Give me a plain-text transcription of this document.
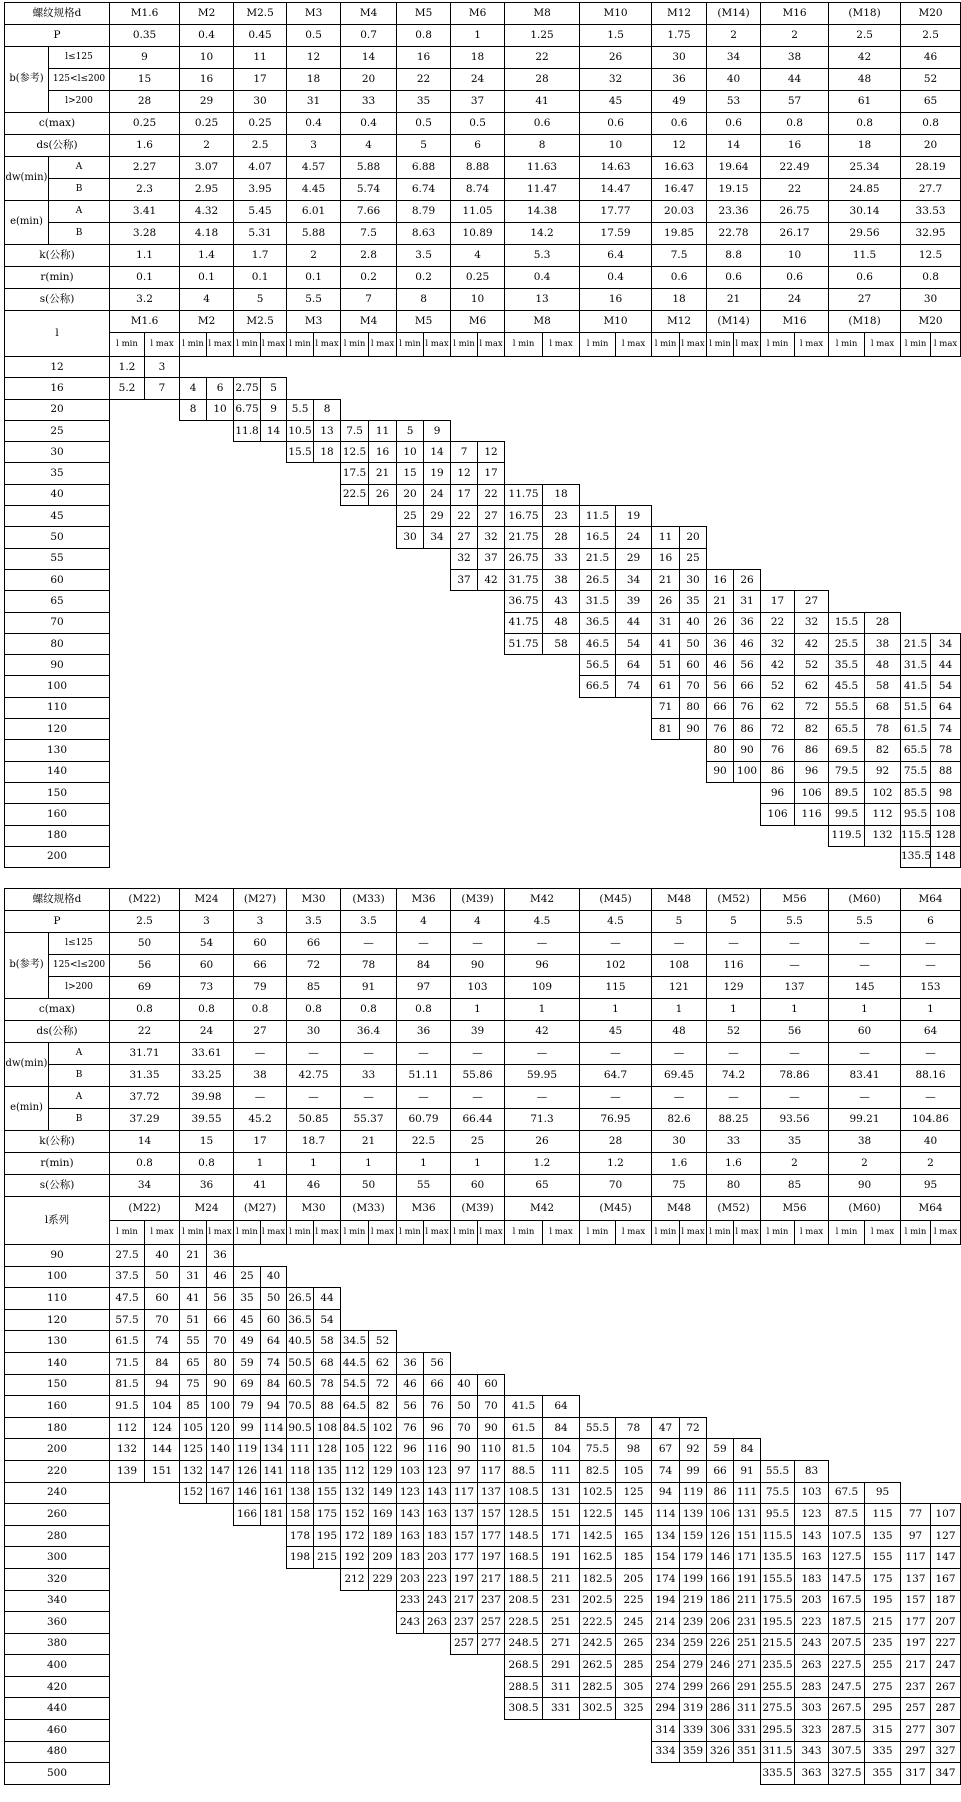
螺纹规格d		M1.6		M2		M2.5		M3		M4		M5		M6		M8		M10		M12		(M14)		M16		(M18)		M20	
P		0.35		0.4		0.45		0.5		0.7		0.8		1		1.25		1.5		1.75		2		2		2.5		2.5	
b(参考)	l≤125	9		10		11		12		14		16		18		22		26		30		34		38		42		46	
	125<l≤200	15		16		17		18		20		22		24		28		32		36		40		44		48		52	
	l>200	28		29		30		31		33		35		37		41		45		49		53		57		61		65	
c(max)		0.25		0.25		0.25		0.4		0.4		0.5		0.5		0.6		0.6		0.6		0.6		0.8		0.8		0.8	
ds(公称)		1.6		2		2.5		3		4		5		6		8		10		12		14		16		18		20	
dw(min)	A	2.27		3.07		4.07		4.57		5.88		6.88		8.88		11.63		14.63		16.63		19.64		22.49		25.34		28.19	
	B	2.3		2.95		3.95		4.45		5.74		6.74		8.74		11.47		14.47		16.47		19.15		22		24.85		27.7	
e(min)	A	3.41		4.32		5.45		6.01		7.66		8.79		11.05		14.38		17.77		20.03		23.36		26.75		30.14		33.53	
	B	3.28		4.18		5.31		5.88		7.5		8.63		10.89		14.2		17.59		19.85		22.78		26.17		29.56		32.95	
k(公称)		1.1		1.4		1.7		2		2.8		3.5		4		5.3		6.4		7.5		8.8		10		11.5		12.5	
r(min)		0.1		0.1		0.1		0.1		0.2		0.2		0.25		0.4		0.4		0.6		0.6		0.6		0.6		0.8	
s(公称)		3.2		4		5		5.5		7		8		10		13		16		18		21		24		27		30	
l		M1.6		M2		M2.5		M3		M4		M5		M6		M8		M10		M12		(M14)		M16		(M18)		M20	
		l min	l max	l min	l max	l min	l max	l min	l max	l min	l max	l min	l max	l min	l max	l min	l max	l min	l max	l min	l max	l min	l max	l min	l max	l min	l max	l min	l max
12		1.2	3																										
16		5.2	7	4	6	2.75	5																						
20				8	10	6.75	9	5.5	8																				
25						11.8	14	10.5	13	7.5	11	5	9																
30								15.5	18	12.5	16	10	14	7	12														
35										17.5	21	15	19	12	17														
40										22.5	26	20	24	17	22	11.75	18												
45												25	29	22	27	16.75	23	11.5	19										
50												30	34	27	32	21.75	28	16.5	24	11	20								
55														32	37	26.75	33	21.5	29	16	25								
60														37	42	31.75	38	26.5	34	21	30	16	26						
65																36.75	43	31.5	39	26	35	21	31	17	27				
70																41.75	48	36.5	44	31	40	26	36	22	32	15.5	28		
80																51.75	58	46.5	54	41	50	36	46	32	42	25.5	38	21.5	34
90																		56.5	64	51	60	46	56	42	52	35.5	48	31.5	44
100																		66.5	74	61	70	56	66	52	62	45.5	58	41.5	54
110																				71	80	66	76	62	72	55.5	68	51.5	64
120																				81	90	76	86	72	82	65.5	78	61.5	74
130																						80	90	76	86	69.5	82	65.5	78
140																						90	100	86	96	79.5	92	75.5	88
150																								96	106	89.5	102	85.5	98
160																								106	116	99.5	112	95.5	108
180																										119.5	132	115.5	128
200																												135.5	148
螺纹规格d		(M22)		M24		(M27)		M30		(M33)		M36		(M39)		M42		(M45)		M48		(M52)		M56		(M60)		M64	
P		2.5		3		3		3.5		3.5		4		4		4.5		4.5		5		5		5.5		5.5		6	
b(参考)	l≤125	50		54		60		66		—		—		—		—		—		—		—		—		—		—	
	125<l≤200	56		60		66		72		78		84		90		96		102		108		116		—		—		—	
	l>200	69		73		79		85		91		97		103		109		115		121		129		137		145		153	
c(max)		0.8		0.8		0.8		0.8		0.8		0.8		1		1		1		1		1		1		1		1	
ds(公称)		22		24		27		30		36.4		36		39		42		45		48		52		56		60		64	
dw(min)	A	31.71		33.61		—		—		—		—		—		—		—		—		—		—		—		—	
	B	31.35		33.25		38		42.75		33		51.11		55.86		59.95		64.7		69.45		74.2		78.86		83.41		88.16	
e(min)	A	37.72		39.98		—		—		—		—		—		—		—		—		—		—		—		—	
	B	37.29		39.55		45.2		50.85		55.37		60.79		66.44		71.3		76.95		82.6		88.25		93.56		99.21		104.86	
k(公称)		14		15		17		18.7		21		22.5		25		26		28		30		33		35		38		40	
r(min)		0.8		0.8		1		1		1		1		1		1.2		1.2		1.6		1.6		2		2		2	
s(公称)		34		36		41		46		50		55		60		65		70		75		80		85		90		95	
l系列		(M22)		M24		(M27)		M30		(M33)		M36		(M39)		M42		(M45)		M48		(M52)		M56		(M60)		M64	
		l min	l max	l min	l max	l min	l max	l min	l max	l min	l max	l min	l max	l min	l max	l min	l max	l min	l max	l min	l max	l min	l max	l min	l max	l min	l max	l min	l max
90		27.5	40	21	36																								
100		37.5	50	31	46	25	40																						
110		47.5	60	41	56	35	50	26.5	44																				
120		57.5	70	51	66	45	60	36.5	54																				
130		61.5	74	55	70	49	64	40.5	58	34.5	52																		
140		71.5	84	65	80	59	74	50.5	68	44.5	62	36	56																
150		81.5	94	75	90	69	84	60.5	78	54.5	72	46	66	40	60														
160		91.5	104	85	100	79	94	70.5	88	64.5	82	56	76	50	70	41.5	64												
180		112	124	105	120	99	114	90.5	108	84.5	102	76	96	70	90	61.5	84	55.5	78	47	72								
200		132	144	125	140	119	134	111	128	105	122	96	116	90	110	81.5	104	75.5	98	67	92	59	84						
220		139	151	132	147	126	141	118	135	112	129	103	123	97	117	88.5	111	82.5	105	74	99	66	91	55.5	83				
240				152	167	146	161	138	155	132	149	123	143	117	137	108.5	131	102.5	125	94	119	86	111	75.5	103	67.5	95		
260						166	181	158	175	152	169	143	163	137	157	128.5	151	122.5	145	114	139	106	131	95.5	123	87.5	115	77	107
280								178	195	172	189	163	183	157	177	148.5	171	142.5	165	134	159	126	151	115.5	143	107.5	135	97	127
300								198	215	192	209	183	203	177	197	168.5	191	162.5	185	154	179	146	171	135.5	163	127.5	155	117	147
320										212	229	203	223	197	217	188.5	211	182.5	205	174	199	166	191	155.5	183	147.5	175	137	167
340												233	243	217	237	208.5	231	202.5	225	194	219	186	211	175.5	203	167.5	195	157	187
360												243	263	237	257	228.5	251	222.5	245	214	239	206	231	195.5	223	187.5	215	177	207
380														257	277	248.5	271	242.5	265	234	259	226	251	215.5	243	207.5	235	197	227
400																268.5	291	262.5	285	254	279	246	271	235.5	263	227.5	255	217	247
420																288.5	311	282.5	305	274	299	266	291	255.5	283	247.5	275	237	267
440																308.5	331	302.5	325	294	319	286	311	275.5	303	267.5	295	257	287
460																				314	339	306	331	295.5	323	287.5	315	277	307
480																				334	359	326	351	311.5	343	307.5	335	297	327
500																								335.5	363	327.5	355	317	347
